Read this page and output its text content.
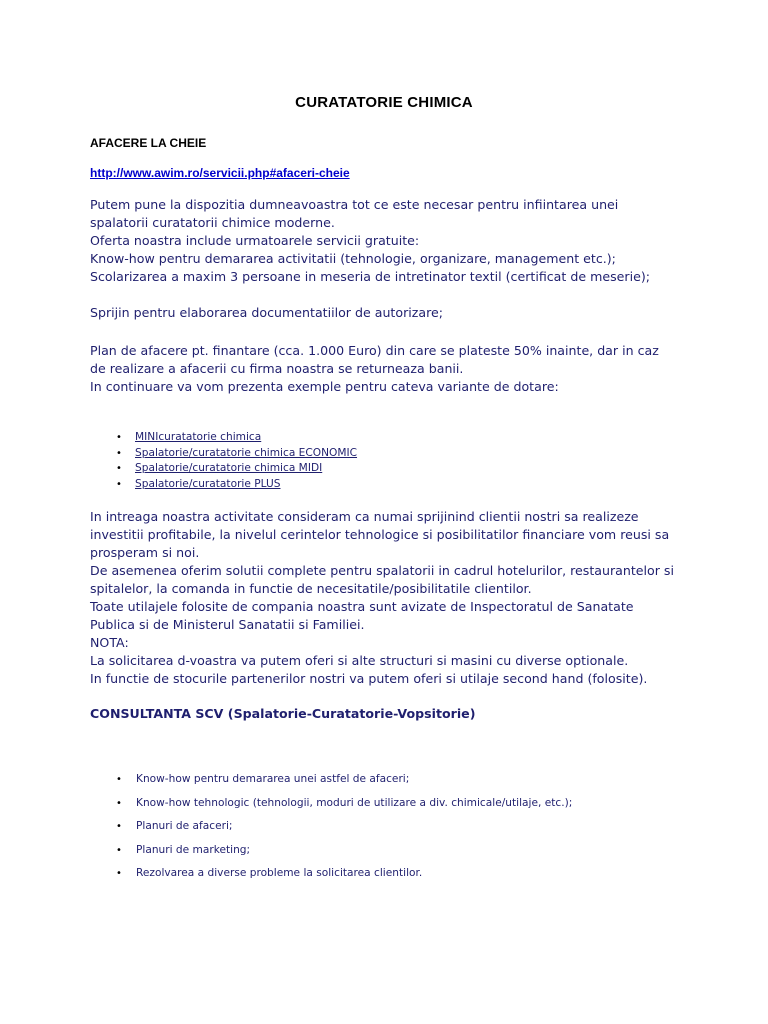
CURATATORIE CHIMICA
AFACERE LA CHEIE
http://www.awim.ro/servicii.php#afaceri-cheie

Putem pune la dispozitia dumneavoastra tot ce este necesar pentru infiintarea unei
spalatorii curatatorii chimice moderne.
Oferta noastra include urmatoarele servicii gratuite:
Know-how pentru demararea activitatii (tehnologie, organizare, management etc.);
Scolarizarea a maxim 3 persoane in meseria de intretinator textil (certificat de meserie);

Sprijin pentru elaborarea documentatiilor de autorizare;

Plan de afacere pt. finantare (cca. 1.000 Euro) din care se plateste 50% inainte, dar in caz
de realizare a afacerii cu firma noastra se returneaza banii.
In continuare va vom prezenta exemple pentru cateva variante de dotare:

• MINIcuratatorie chimica
• Spalatorie/curatatorie chimica ECONOMIC
• Spalatorie/curatatorie chimica MIDI
• Spalatorie/curatatorie PLUS

In intreaga noastra activitate consideram ca numai sprijinind clientii nostri sa realizeze
investitii profitabile, la nivelul cerintelor tehnologice si posibilitatilor financiare vom reusi sa
prosperam si noi.
De asemenea oferim solutii complete pentru spalatorii in cadrul hotelurilor, restaurantelor si
spitalelor, la comanda in functie de necesitatile/posibilitatile clientilor.
Toate utilajele folosite de compania noastra sunt avizate de Inspectoratul de Sanatate
Publica si de Ministerul Sanatatii si Familiei.
NOTA:
La solicitarea d-voastra va putem oferi si alte structuri si masini cu diverse optionale.
In functie de stocurile partenerilor nostri va putem oferi si utilaje second hand (folosite).

CONSULTANTA SCV (Spalatorie-Curatatorie-Vopsitorie)
• Know-how pentru demararea unei astfel de afaceri;
• Know-how tehnologic (tehnologii, moduri de utilizare a div. chimicale/utilaje, etc.);
• Planuri de afaceri;
• Planuri de marketing;
• Rezolvarea a diverse probleme la solicitarea clientilor.
